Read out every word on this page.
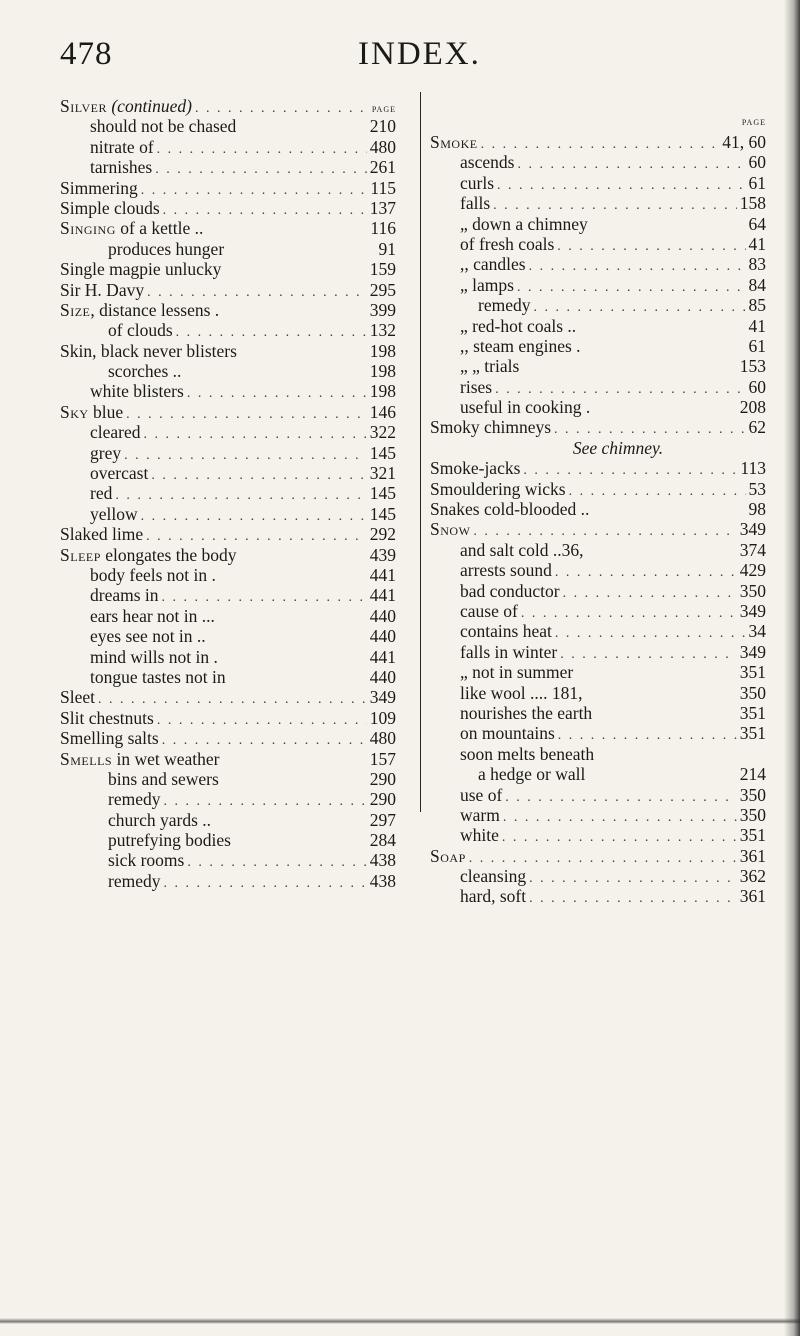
478	INDEX.
Silver (continued) . . .	page
should not be chased	210
nitrate of . . .	480
tarnishes . . .	261
Simmering . . .	115
Simple clouds . . .	137
Singing of a kettle ..	116
produces hunger	91
Single magpie unlucky	159
Sir H. Davy . . .	295
Size, distance lessens .	399
of clouds . . .	132
Skin, black never blisters	198
scorches ..	198
white blisters . . .	198
Sky blue . . .	146
cleared . . .	322
grey . . .	145
overcast . . .	321
red . . .	145
yellow . . .	145
Slaked lime . . .	292
Sleep elongates the body	439
body feels not in .	441
dreams in . . .	441
ears hear not in ...	440
eyes see not in ..	440
mind wills not in .	441
tongue tastes not in	440
Sleet . . .	349
Slit chestnuts . . .	109
Smelling salts . . .	480
Smells in wet weather	157
bins and sewers	290
remedy . . .	290
church yards ..	297
putrefying bodies	284
sick rooms . . .	438
remedy . . .	438
page
Smoke . . .	41, 60
ascends . . .	60
curls . . .	61
falls . . .	158
„ down a chimney	64
of fresh coals . . .	41
,, candles . . .	83
„ lamps . . .	84
remedy . . .	85
„ red-hot coals ..	41
,, steam engines .	61
„ „ trials	153
rises . . .	60
useful in cooking .	208
Smoky chimneys . . .	62
See chimney.
Smoke-jacks . . .	113
Smouldering wicks . . .	53
Snakes cold-blooded ..	98
Snow . . .	349
and salt cold ..36,	374
arrests sound . . .	429
bad conductor . . .	350
cause of . . .	349
contains heat . . .	34
falls in winter . . .	349
„ not in summer	351
like wool .... 181,	350
nourishes the earth	351
on mountains . . .	351
soon melts beneath
a hedge or wall	214
use of . . .	350
warm . . .	350
white . . .	351
Soap . . .	361
cleansing . . .	362
hard, soft . . .	361
